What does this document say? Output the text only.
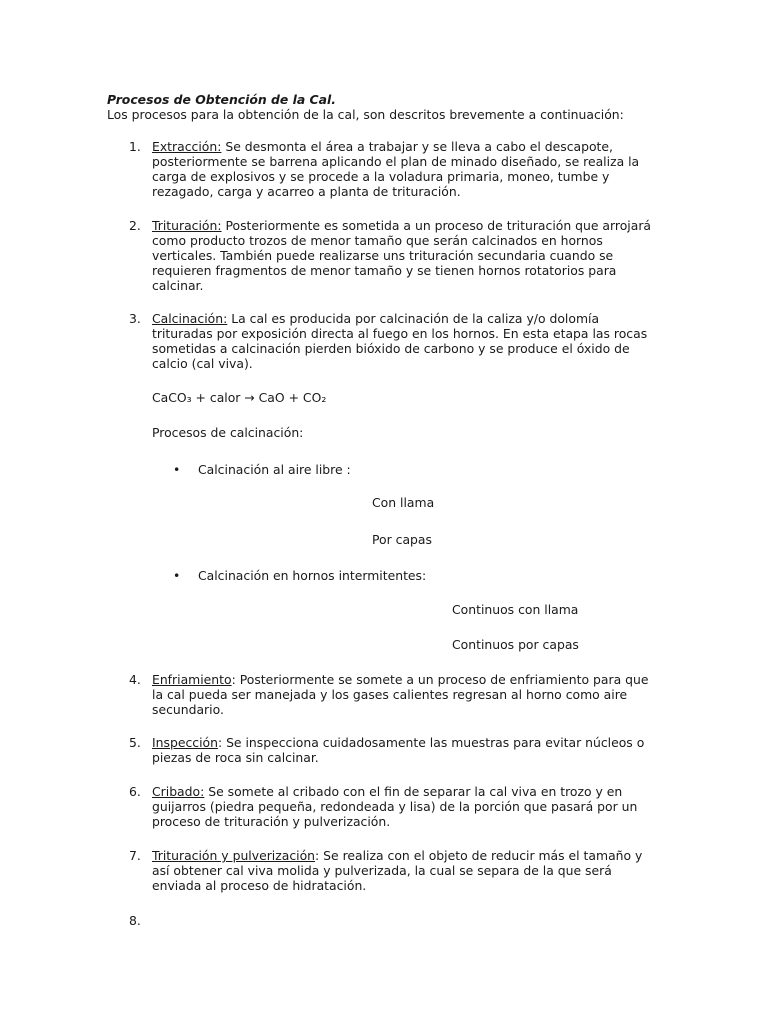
Procesos de Obtención de la Cal.
Los procesos para la obtención de la cal, son descritos brevemente a continuación:
1. Extracción: Se desmonta el área a trabajar y se lleva a cabo el descapote,
posteriormente se barrena aplicando el plan de minado diseñado, se realiza la
carga de explosivos y se procede a la voladura primaria, moneo, tumbe y
rezagado, carga y acarreo a planta de trituración.
2. Trituración: Posteriormente es sometida a un proceso de trituración que arrojará
como producto trozos de menor tamaño que serán calcinados en hornos
verticales. También puede realizarse uns trituración secundaria cuando se
requieren fragmentos de menor tamaño y se tienen hornos rotatorios para
calcinar.
3. Calcinación: La cal es producida por calcinación de la caliza y/o dolomía
trituradas por exposición directa al fuego en los hornos. En esta etapa las rocas
sometidas a calcinación pierden bióxido de carbono y se produce el óxido de
calcio (cal viva).
CaCO₃ + calor → CaO + CO₂
Procesos de calcinación:
• Calcinación al aire libre :
Con llama
Por capas
• Calcinación en hornos intermitentes:
Continuos con llama
Continuos por capas
4. Enfriamiento: Posteriormente se somete a un proceso de enfriamiento para que
la cal pueda ser manejada y los gases calientes regresan al horno como aire
secundario.
5. Inspección: Se inspecciona cuidadosamente las muestras para evitar núcleos o
piezas de roca sin calcinar.
6. Cribado: Se somete al cribado con el fin de separar la cal viva en trozo y en
guijarros (piedra pequeña, redondeada y lisa) de la porción que pasará por un
proceso de trituración y pulverización.
7. Trituración y pulverización: Se realiza con el objeto de reducir más el tamaño y
así obtener cal viva molida y pulverizada, la cual se separa de la que será
enviada al proceso de hidratación.
8.
